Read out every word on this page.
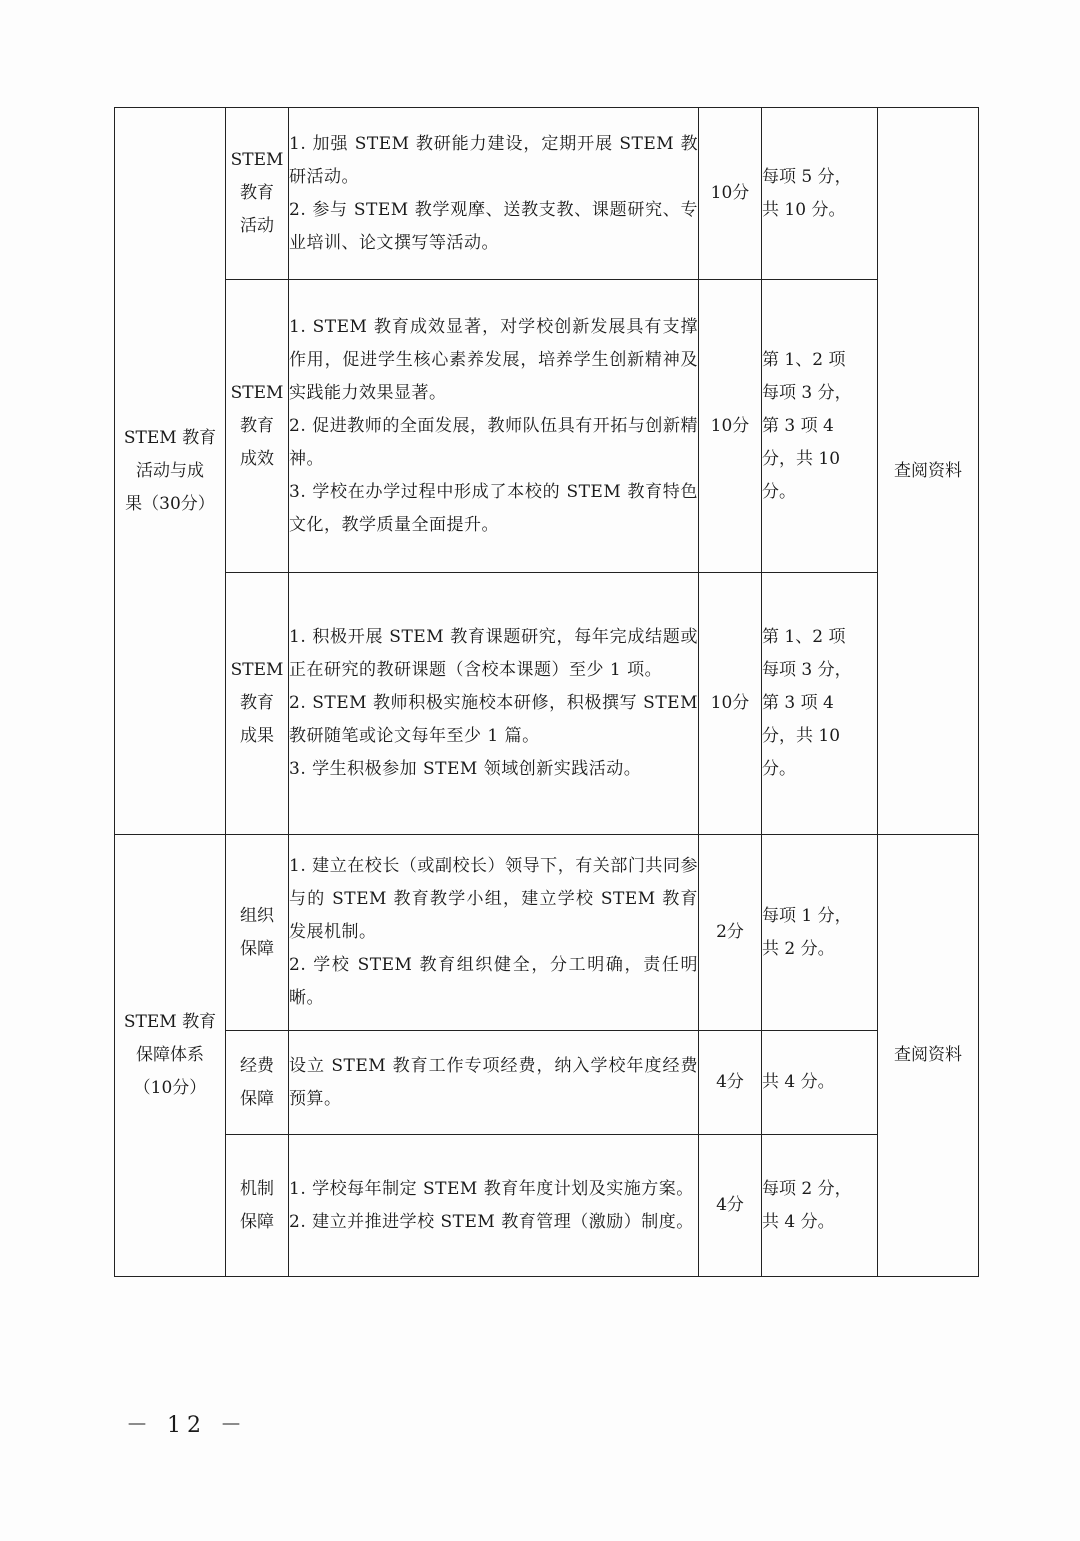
STEM 教育
活动与成
果（30分）	STEM
教育
活动	1. 加强 STEM 教研能力建设，定期开展 STEM 教研活动。
2. 参与 STEM 教学观摩、送教支教、课题研究、专业培训、论文撰写等活动。	10分	每项 5 分，
共 10 分。	查阅资料

	STEM
教育
成效	1. STEM 教育成效显著，对学校创新发展具有支撑作用，促进学生核心素养发展，培养学生创新精神及实践能力效果显著。
2. 促进教师的全面发展，教师队伍具有开拓与创新精神。
3. 学校在办学过程中形成了本校的 STEM 教育特色文化，教学质量全面提升。	10分	第 1、2 项
每项 3 分，
第 3 项 4
分，共 10
分。	

	STEM
教育
成果	1. 积极开展 STEM 教育课题研究，每年完成结题或正在研究的教研课题（含校本课题）至少 1 项。
2. STEM 教师积极实施校本研修，积极撰写 STEM 教研随笔或论文每年至少 1 篇。
3. 学生积极参加 STEM 领域创新实践活动。	10分	第 1、2 项
每项 3 分，
第 3 项 4
分，共 10
分。	

STEM 教育
保障体系
（10分）	组织
保障	1. 建立在校长（或副校长）领导下，有关部门共同参与的 STEM 教育教学小组，建立学校 STEM 教育发展机制。
2. 学校 STEM 教育组织健全，分工明确，责任明晰。	2分	每项 1 分，
共 2 分。	查阅资料

	经费
保障	设立 STEM 教育工作专项经费，纳入学校年度经费预算。	4分	共 4 分。	

	机制
保障	1. 学校每年制定 STEM 教育年度计划及实施方案。
2. 建立并推进学校 STEM 教育管理（激励）制度。	4分	每项 2 分，
共 4 分。	
－ 12 －
